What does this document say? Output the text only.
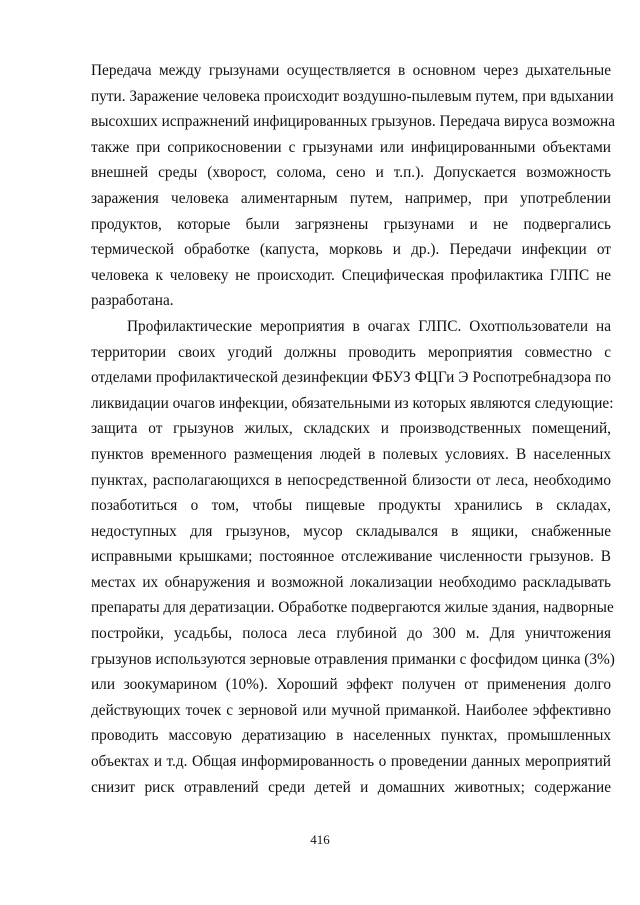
Передача между грызунами осуществляется в основном через дыхательные
пути. Заражение человека происходит воздушно-пылевым путем, при вдыхании
высохших испражнений инфицированных грызунов. Передача вируса возможна
также при соприкосновении с грызунами или инфицированными объектами
внешней среды (хворост, солома, сено и т.п.). Допускается возможность
заражения человека алиментарным путем, например, при употреблении
продуктов, которые были загрязнены грызунами и не подвергались
термической обработке (капуста, морковь и др.). Передачи инфекции от
человека к человеку не происходит. Специфическая профилактика ГЛПС не
разработана.
Профилактические мероприятия в очагах ГЛПС. Охотпользователи на
территории своих угодий должны проводить мероприятия совместно с
отделами профилактической дезинфекции ФБУЗ ФЦГи Э Роспотребнадзора по
ликвидации очагов инфекции, обязательными из которых являются следующие:
защита от грызунов жилых, складских и производственных помещений,
пунктов временного размещения людей в полевых условиях. В населенных
пунктах, располагающихся в непосредственной близости от леса, необходимо
позаботиться о том, чтобы пищевые продукты хранились в складах,
недоступных для грызунов, мусор складывался в ящики, снабженные
исправными крышками; постоянное отслеживание численности грызунов. В
местах их обнаружения и возможной локализации необходимо раскладывать
препараты для дератизации. Обработке подвергаются жилые здания, надворные
постройки, усадьбы, полоса леса глубиной до 300 м. Для уничтожения
грызунов используются зерновые отравления приманки с фосфидом цинка (3%)
или зоокумарином (10%). Хороший эффект получен от применения долго
действующих точек с зерновой или мучной приманкой. Наиболее эффективно
проводить массовую дератизацию в населенных пунктах, промышленных
объектах и т.д. Общая информированность о проведении данных мероприятий
снизит риск отравлений среди детей и домашних животных; содержание
416
